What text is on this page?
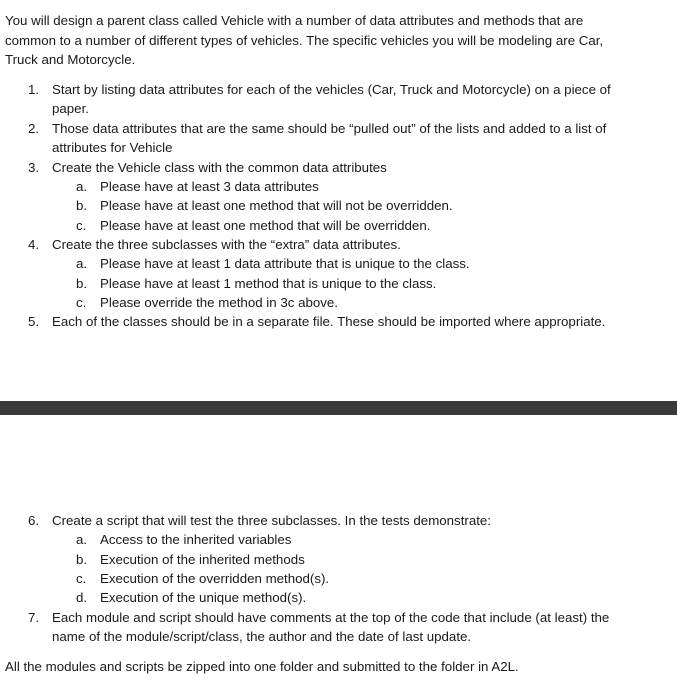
You will design a parent class called Vehicle with a number of data attributes and methods that are
common to a number of different types of vehicles. The specific vehicles you will be modeling are Car,
Truck and Motorcycle.
1. Start by listing data attributes for each of the vehicles (Car, Truck and Motorcycle) on a piece of
paper.
2. Those data attributes that are the same should be “pulled out” of the lists and added to a list of
attributes for Vehicle
3. Create the Vehicle class with the common data attributes
a. Please have at least 3 data attributes
b. Please have at least one method that will not be overridden.
c. Please have at least one method that will be overridden.
4. Create the three subclasses with the “extra” data attributes.
a. Please have at least 1 data attribute that is unique to the class.
b. Please have at least 1 method that is unique to the class.
c. Please override the method in 3c above.
5. Each of the classes should be in a separate file. These should be imported where appropriate.
6. Create a script that will test the three subclasses. In the tests demonstrate:
a. Access to the inherited variables
b. Execution of the inherited methods
c. Execution of the overridden method(s).
d. Execution of the unique method(s).
7. Each module and script should have comments at the top of the code that include (at least) the
name of the module/script/class, the author and the date of last update.
All the modules and scripts be zipped into one folder and submitted to the folder in A2L.
